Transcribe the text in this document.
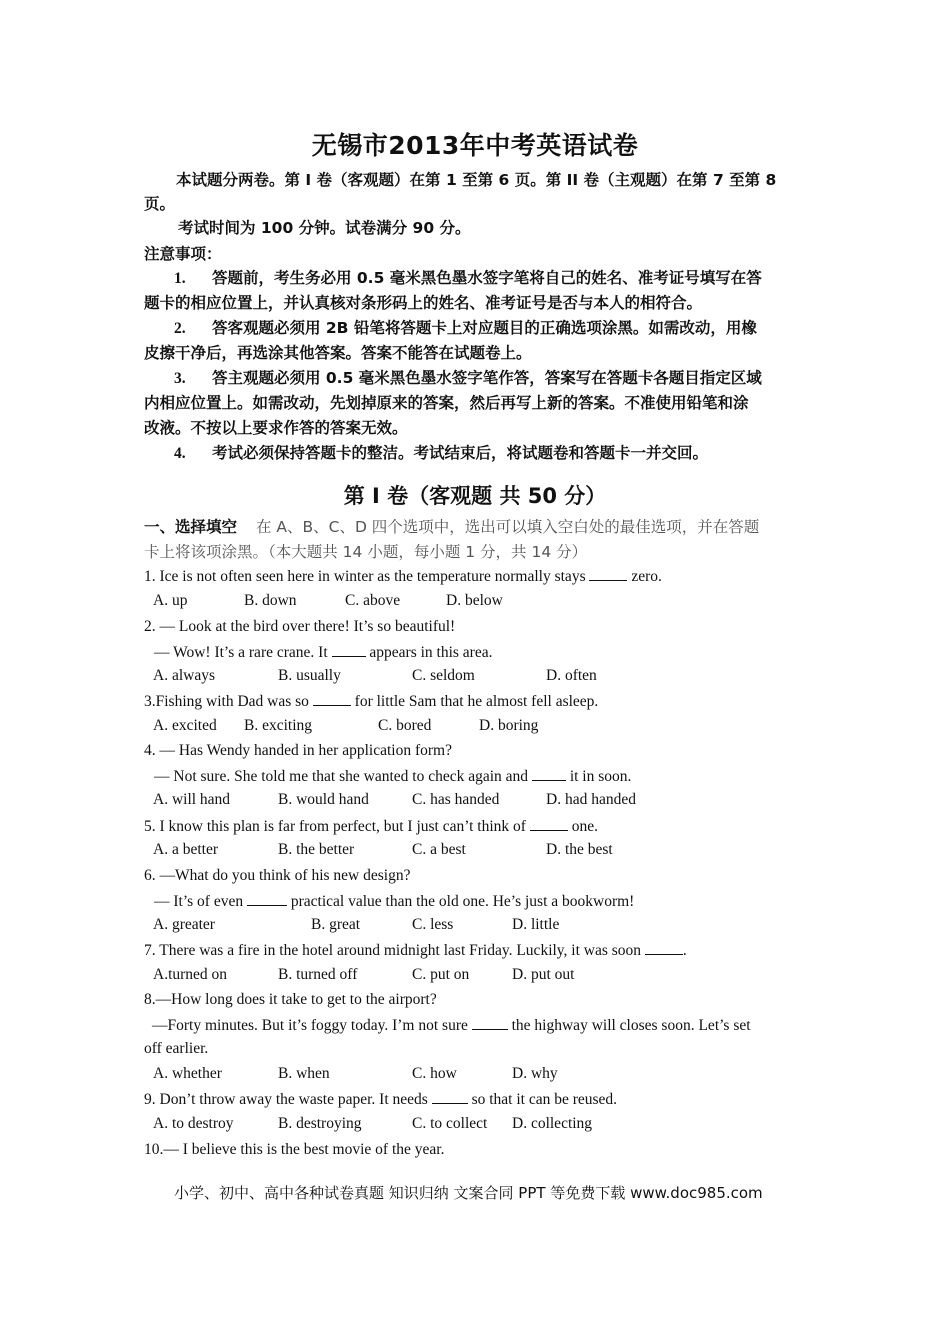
无锡市2013年中考英语试卷
本试题分两卷。第 I 卷（客观题）在第 1 至第 6 页。第 II 卷（主观题）在第 7 至第 8
页。
考试时间为 100 分钟。试卷满分 90 分。
注意事项：
1. 答题前，考生务必用 0.5 毫米黑色墨水签字笔将自己的姓名、准考证号填写在答
题卡的相应位置上，并认真核对条形码上的姓名、准考证号是否与本人的相符合。
2. 答客观题必须用 2B 铅笔将答题卡上对应题目的正确选项涂黑。如需改动，用橡
皮擦干净后，再选涂其他答案。答案不能答在试题卷上。
3. 答主观题必须用 0.5 毫米黑色墨水签字笔作答，答案写在答题卡各题目指定区域
内相应位置上。如需改动，先划掉原来的答案，然后再写上新的答案。不准使用铅笔和涂
改液。不按以上要求作答的答案无效。
4. 考试必须保持答题卡的整洁。考试结束后，将试题卷和答题卡一并交回。
第 I 卷（客观题 共 50 分）
一、选择填空 在 A、B、C、D 四个选项中，选出可以填入空白处的最佳选项，并在答题
卡上将该项涂黑。（本大题共 14 小题，每小题 1 分，共 14 分）
1. Ice is not often seen here in winter as the temperature normally stays  zero.
A. up	B. down	C. above	D. below
2. — Look at the bird over there! It’s so beautiful!
— Wow! It’s a rare crane. It  appears in this area.
A. always	B. usually	C. seldom	D. often
3.Fishing with Dad was so  for little Sam that he almost fell asleep.
A. excited B. exciting	C. bored	D. boring
4. — Has Wendy handed in her application form?
— Not sure. She told me that she wanted to check again and  it in soon.
A. will hand	B. would hand	C. has handed	D. had handed
5. I know this plan is far from perfect, but I just can’t think of  one.
A. a better	B. the better	C. a best	D. the best
6. —What do you think of his new design?
— It’s of even	practical value than the old one. He’s just a bookworm!
A. greater	B. great	C. less	D. little
7. There was a fire in the hotel around midnight last Friday. Luckily, it was soon .
A.turned on	B. turned off	C. put on	D. put out
8.—How long does it take to get to the airport?
—Forty minutes. But it’s foggy today. I’m not sure  the highway will closes soon. Let’s set
off earlier.
A. whether	B. when	C. how	D. why
9. Don’t throw away the waste paper. It needs  so that it can be reused.
A. to destroy	B. destroying	C. to collect D. collecting
10.— I believe this is the best movie of the year.
小学、初中、高中各种试卷真题 知识归纳 文案合同 PPT 等免费下载 www.doc985.com
